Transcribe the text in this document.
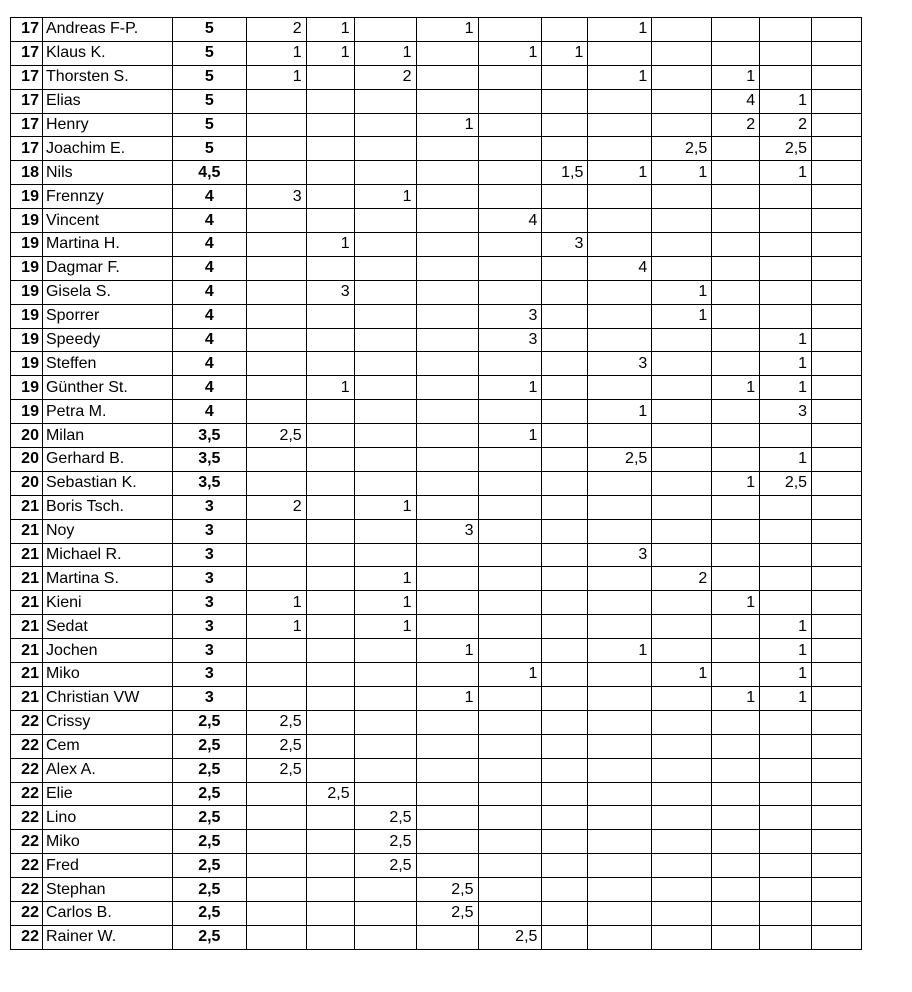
17	Andreas F-P.	5	2	1		1			1				
17	Klaus K.	5	1	1	1		1	1					
17	Thorsten S.	5	1		2				1		1		
17	Elias	5									4	1	
17	Henry	5				1					2	2	
17	Joachim E.	5								2,5		2,5	
18	Nils	4,5						1,5	1	1		1	
19	Frennzy	4	3		1								
19	Vincent	4					4						
19	Martina H.	4		1				3					
19	Dagmar F.	4							4				
19	Gisela S.	4		3						1			
19	Sporrer	4					3			1			
19	Speedy	4					3					1	
19	Steffen	4							3			1	
19	Günther St.	4		1			1				1	1	
19	Petra M.	4							1			3	
20	Milan	3,5	2,5				1						
20	Gerhard B.	3,5							2,5			1	
20	Sebastian K.	3,5									1	2,5	
21	Boris Tsch.	3	2		1								
21	Noy	3				3							
21	Michael R.	3							3				
21	Martina S.	3			1					2			
21	Kieni	3	1		1						1		
21	Sedat	3	1		1							1	
21	Jochen	3				1			1			1	
21	Miko	3					1			1		1	
21	Christian VW	3				1					1	1	
22	Crissy	2,5	2,5										
22	Cem	2,5	2,5										
22	Alex A.	2,5	2,5										
22	Elie	2,5		2,5									
22	Lino	2,5			2,5								
22	Miko	2,5			2,5								
22	Fred	2,5			2,5								
22	Stephan	2,5				2,5							
22	Carlos B.	2,5				2,5							
22	Rainer W.	2,5					2,5						
